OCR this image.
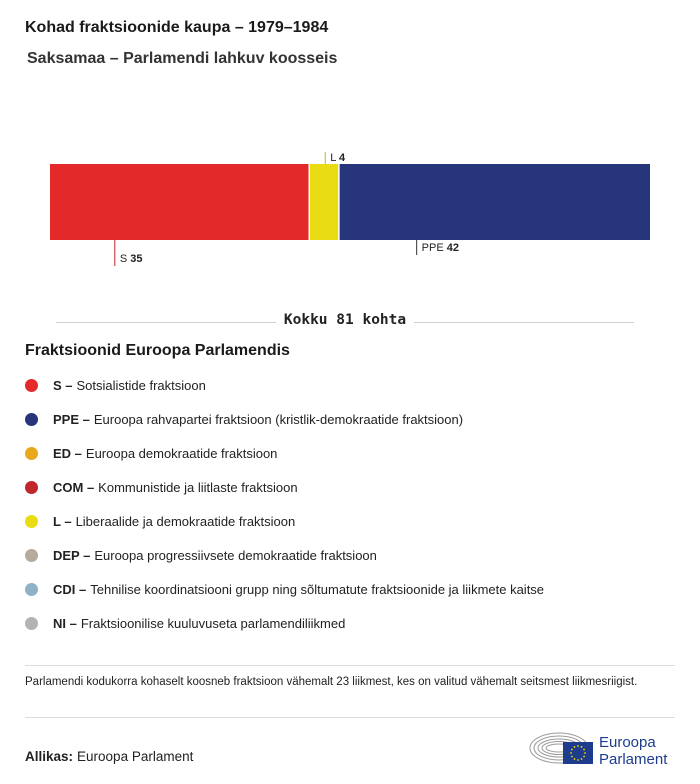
Kohad fraktsioonide kaupa – 1979–1984
Saksamaa – Parlamendi lahkuv koosseis
S 35
L 4
PPE 42
Kokku 81 kohta
Fraktsioonid Euroopa Parlamendis
S – Sotsialistide fraktsioon
PPE – Euroopa rahvapartei fraktsioon (kristlik-demokraatide fraktsioon)
ED – Euroopa demokraatide fraktsioon
COM – Kommunistide ja liitlaste fraktsioon
L – Liberaalide ja demokraatide fraktsioon
DEP – Euroopa progressiivsete demokraatide fraktsioon
CDI – Tehnilise koordinatsiooni grupp ning sõltumatute fraktsioonide ja liikmete kaitse
NI – Fraktsioonilise kuuluvuseta parlamendiliikmed

Parlamendi kodukorra kohaselt koosneb fraktsioon vähemalt 23 liikmest, kes on valitud vähemalt seitsmest liikmesriigist.

Allikas: Euroopa Parlament
Euroopa
Parlament
